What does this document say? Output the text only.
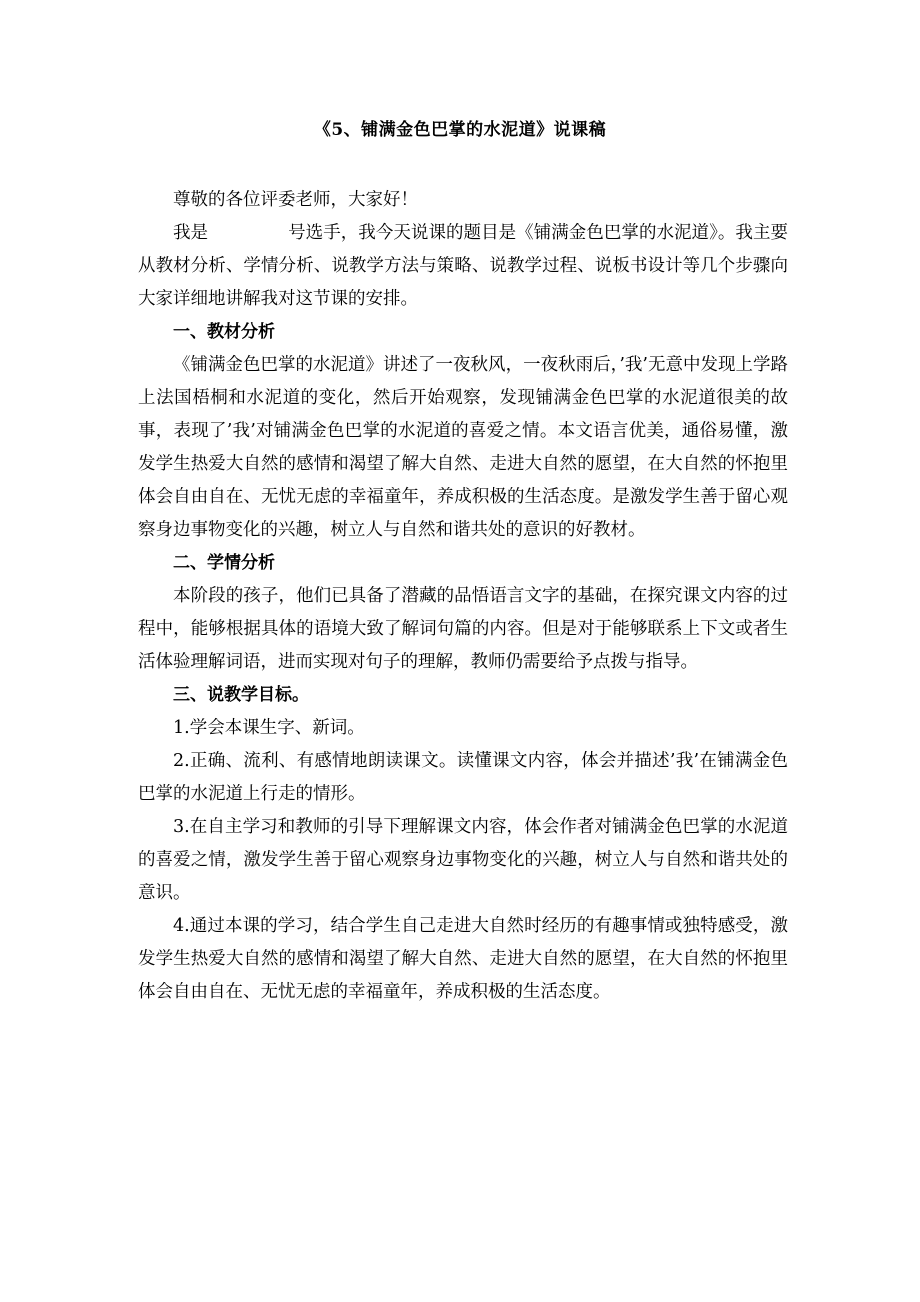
《5、铺满金色巴掌的水泥道》说课稿

尊敬的各位评委老师，大家好！

我是	号选手，我今天说课的题目是《铺满金色巴掌的水泥道》。我主要从教材分析、学情分析、说教学方法与策略、说教学过程、说板书设计等几个步骤向大家详细地讲解我对这节课的安排。

一、教材分析

《铺满金色巴掌的水泥道》讲述了一夜秋风，一夜秋雨后，’我’无意中发现上学路上法国梧桐和水泥道的变化，然后开始观察，发现铺满金色巴掌的水泥道很美的故事，表现了’我’对铺满金色巴掌的水泥道的喜爱之情。本文语言优美，通俗易懂，激发学生热爱大自然的感情和渴望了解大自然、走进大自然的愿望，在大自然的怀抱里体会自由自在、无忧无虑的幸福童年，养成积极的生活态度。是激发学生善于留心观察身边事物变化的兴趣，树立人与自然和谐共处的意识的好教材。

二、学情分析

本阶段的孩子，他们已具备了潜藏的品悟语言文字的基础，在探究课文内容的过程中，能够根据具体的语境大致了解词句篇的内容。但是对于能够联系上下文或者生活体验理解词语，进而实现对句子的理解，教师仍需要给予点拨与指导。

三、说教学目标。

1.学会本课生字、新词。

2.正确、流利、有感情地朗读课文。读懂课文内容，体会并描述’我’在铺满金色巴掌的水泥道上行走的情形。

3.在自主学习和教师的引导下理解课文内容，体会作者对铺满金色巴掌的水泥道的喜爱之情，激发学生善于留心观察身边事物变化的兴趣，树立人与自然和谐共处的意识。

4.通过本课的学习，结合学生自己走进大自然时经历的有趣事情或独特感受，激发学生热爱大自然的感情和渴望了解大自然、走进大自然的愿望，在大自然的怀抱里体会自由自在、无忧无虑的幸福童年，养成积极的生活态度。
